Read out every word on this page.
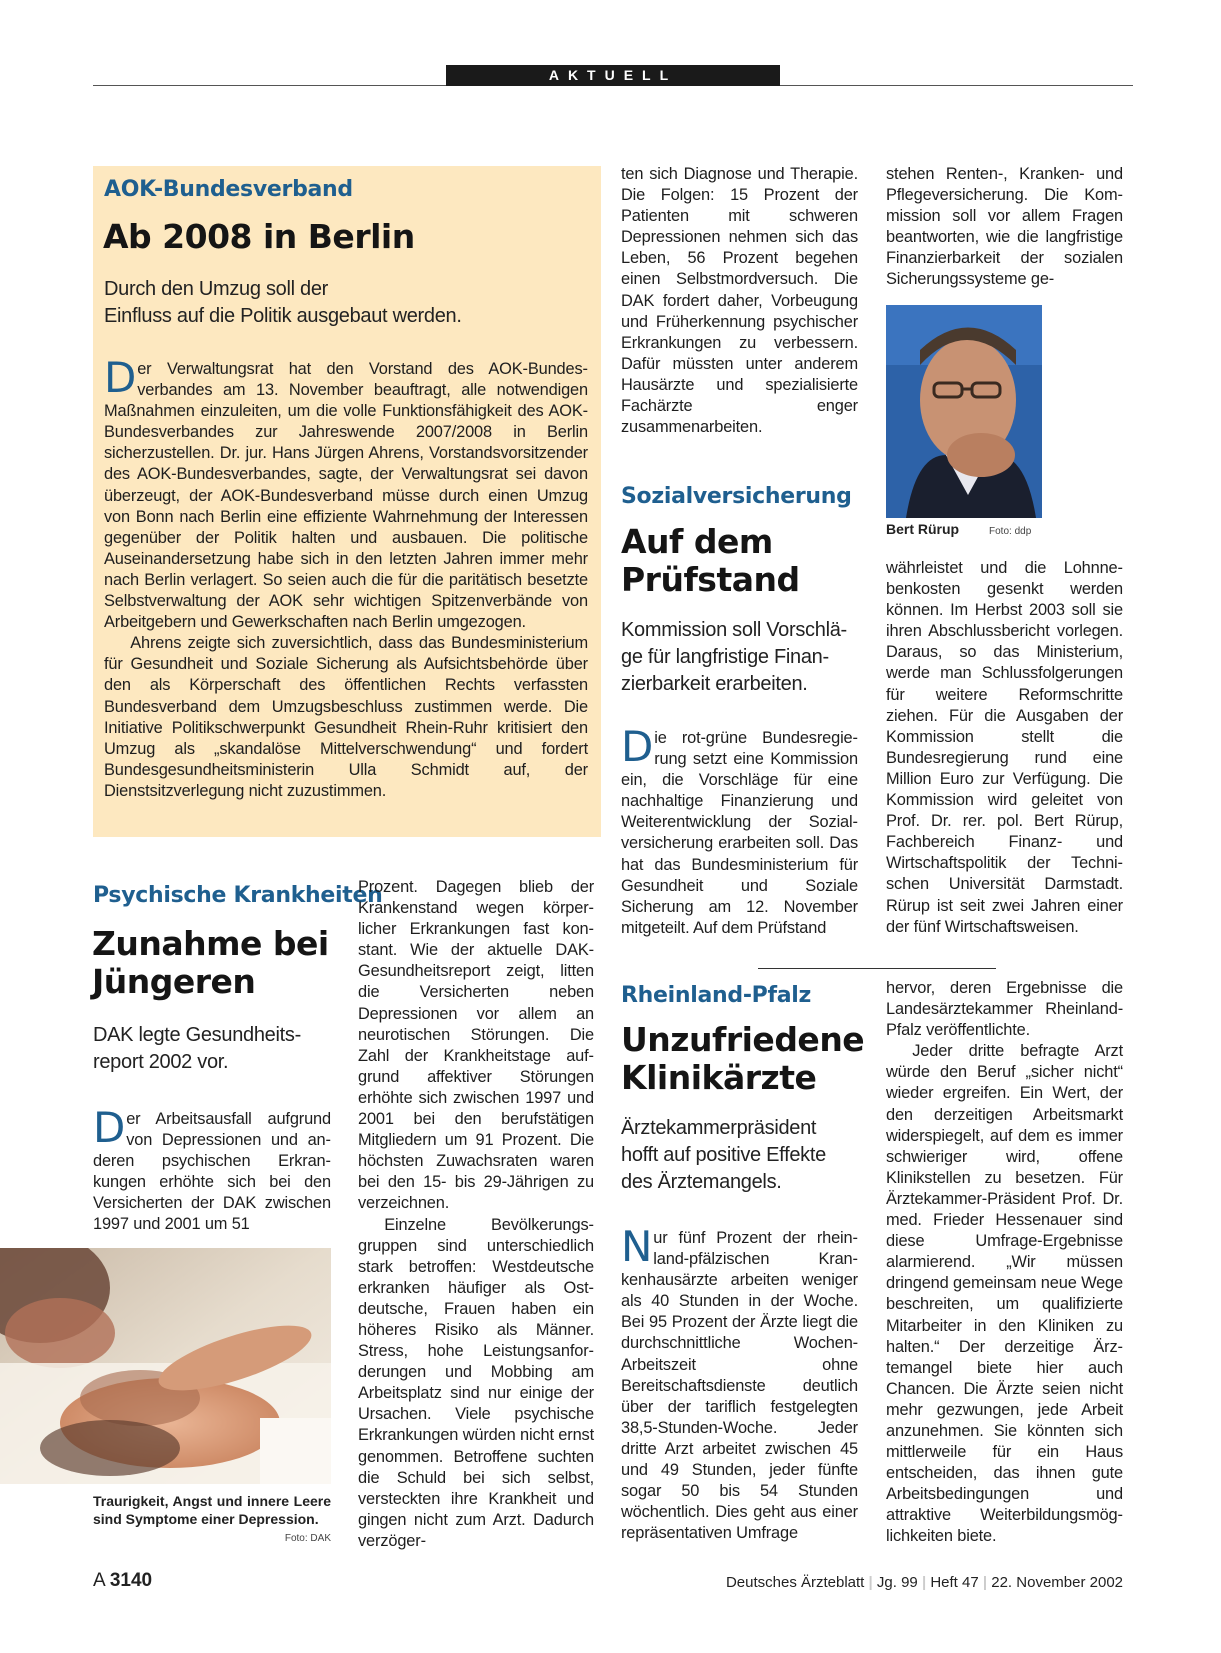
AKTUELL
AOK-Bundesverband
Ab 2008 in Berlin
Durch den Umzug soll der
Einfluss auf die Politik ausgebaut werden.

Der Verwaltungsrat hat den Vorstand des AOK-Bundesverbandes am 13. November beauftragt, alle notwendigen Maßnahmen einzuleiten, um die volle Funktionsfähigkeit des AOK-Bundesverbandes zur Jahreswende 2007/2008 in Berlin sicherzustellen. Dr. jur. Hans Jürgen Ahrens, Vorstandsvorsitzender des AOK-Bundesverbandes, sagte, der Verwaltungsrat sei davon überzeugt, der AOK-Bundesverband müsse durch einen Umzug von Bonn nach Berlin eine effiziente Wahrnehmung der Interessen gegenüber der Politik halten und ausbauen. Die politische Auseinandersetzung habe sich in den letzten Jahren immer mehr nach Berlin verlagert. So seien auch die für die paritätisch besetzte Selbstverwaltung der AOK sehr wichtigen Spitzenverbände von Arbeitgebern und Gewerkschaften nach Berlin umgezogen.

Ahrens zeigte sich zuversichtlich, dass das Bundesministerium für Gesundheit und Soziale Sicherung als Aufsichtsbehörde über den als Körperschaft des öffentlichen Rechts verfassten Bundesverband dem Umzugsbeschluss zustimmen werde. Die Initiative Politikschwerpunkt Gesundheit Rhein-Ruhr kritisiert den Umzug als „skandalöse Mittelverschwendung“ und fordert Bundesgesundheitsministerin Ulla Schmidt auf, der Dienstsitzverlegung nicht zuzustimmen.

Psychische Krankheiten
Zunahme bei
Jüngeren
DAK legte Gesundheits-
report 2002 vor.

Der Arbeitsausfall aufgrund von Depressionen und anderen psychischen Erkrankungen erhöhte sich bei den Versicherten der DAK zwischen 1997 und 2001 um 51

Traurigkeit, Angst und innere Leere sind Symptome einer Depression.
Foto: DAK

Prozent. Dagegen blieb der Krankenstand wegen körperlicher Erkrankungen fast konstant. Wie der aktuelle DAK-Gesundheitsreport zeigt, litten die Versicherten neben Depressionen vor allem an neurotischen Störungen. Die Zahl der Krankheitstage aufgrund affektiver Störungen erhöhte sich zwischen 1997 und 2001 bei den berufstätigen Mitgliedern um 91 Prozent. Die höchsten Zuwachsraten waren bei den 15- bis 29-Jährigen zu verzeichnen.

Einzelne Bevölkerungsgruppen sind unterschiedlich stark betroffen: Westdeutsche erkranken häufiger als Ostdeutsche, Frauen haben ein höheres Risiko als Männer. Stress, hohe Leistungsanforderungen und Mobbing am Arbeitsplatz sind nur einige der Ursachen. Viele psychische Erkrankungen würden nicht ernst genommen. Betroffene suchten die Schuld bei sich selbst, versteckten ihre Krankheit und gingen nicht zum Arzt. Dadurch verzöger-

ten sich Diagnose und Therapie. Die Folgen: 15 Prozent der Patienten mit schweren Depressionen nehmen sich das Leben, 56 Prozent begehen einen Selbstmordversuch. Die DAK fordert daher, Vorbeugung und Früherkennung psychischer Erkrankungen zu verbessern. Dafür müssten unter anderem Hausärzte und spezialisierte Fachärzte enger zusammenarbeiten.

Sozialversicherung
Auf dem
Prüfstand
Kommission soll Vorschlä-
ge für langfristige Finan-
zierbarkeit erarbeiten.

Die rot-grüne Bundesregierung setzt eine Kommission ein, die Vorschläge für eine nachhaltige Finanzierung und Weiterentwicklung der Sozialversicherung erarbeiten soll. Das hat das Bundesministerium für Gesundheit und Soziale Sicherung am 12. November mitgeteilt. Auf dem Prüfstand

stehen Renten-, Kranken- und Pflegeversicherung. Die Kommission soll vor allem Fragen beantworten, wie die langfristige Finanzierbarkeit der sozialen Sicherungssysteme ge-

Bert Rürup	Foto: ddp

währleistet und die Lohnnebenkosten gesenkt werden können. Im Herbst 2003 soll sie ihren Abschlussbericht vorlegen. Daraus, so das Ministerium, werde man Schlussfolgerungen für weitere Reformschritte ziehen. Für die Ausgaben der Kommission stellt die Bundesregierung rund eine Million Euro zur Verfügung. Die Kommission wird geleitet von Prof. Dr. rer. pol. Bert Rürup, Fachbereich Finanz- und Wirtschaftspolitik der Technischen Universität Darmstadt. Rürup ist seit zwei Jahren einer der fünf Wirtschaftsweisen.

Rheinland-Pfalz
Unzufriedene
Klinikärzte
Ärztekammerpräsident
hofft auf positive Effekte
des Ärztemangels.

Nur fünf Prozent der rheinland-pfälzischen Krankenhausärzte arbeiten weniger als 40 Stunden in der Woche. Bei 95 Prozent der Ärzte liegt die durchschnittliche Wochen-Arbeitszeit ohne Bereitschaftsdienste deutlich über der tariflich festgelegten 38,5-Stunden-Woche. Jeder dritte Arzt arbeitet zwischen 45 und 49 Stunden, jeder fünfte sogar 50 bis 54 Stunden wöchentlich. Dies geht aus einer repräsentativen Umfrage

hervor, deren Ergebnisse die Landesärztekammer Rheinland-Pfalz veröffentlichte.

Jeder dritte befragte Arzt würde den Beruf „sicher nicht“ wieder ergreifen. Ein Wert, der den derzeitigen Arbeitsmarkt widerspiegelt, auf dem es immer schwieriger wird, offene Klinikstellen zu besetzen. Für Ärztekammer-Präsident Prof. Dr. med. Frieder Hessenauer sind diese Umfrage-Ergebnisse alarmierend. „Wir müssen dringend gemeinsam neue Wege beschreiten, um qualifizierte Mitarbeiter in den Kliniken zu halten.“ Der derzeitige Ärztemangel biete hier auch Chancen. Die Ärzte seien nicht mehr gezwungen, jede Arbeit anzunehmen. Sie könnten sich mittlerweile für ein Haus entscheiden, das ihnen gute Arbeitsbedingungen und attraktive Weiterbildungsmöglichkeiten biete.

A 3140	Deutsches Ärzteblatt | Jg. 99 | Heft 47 | 22. November 2002
